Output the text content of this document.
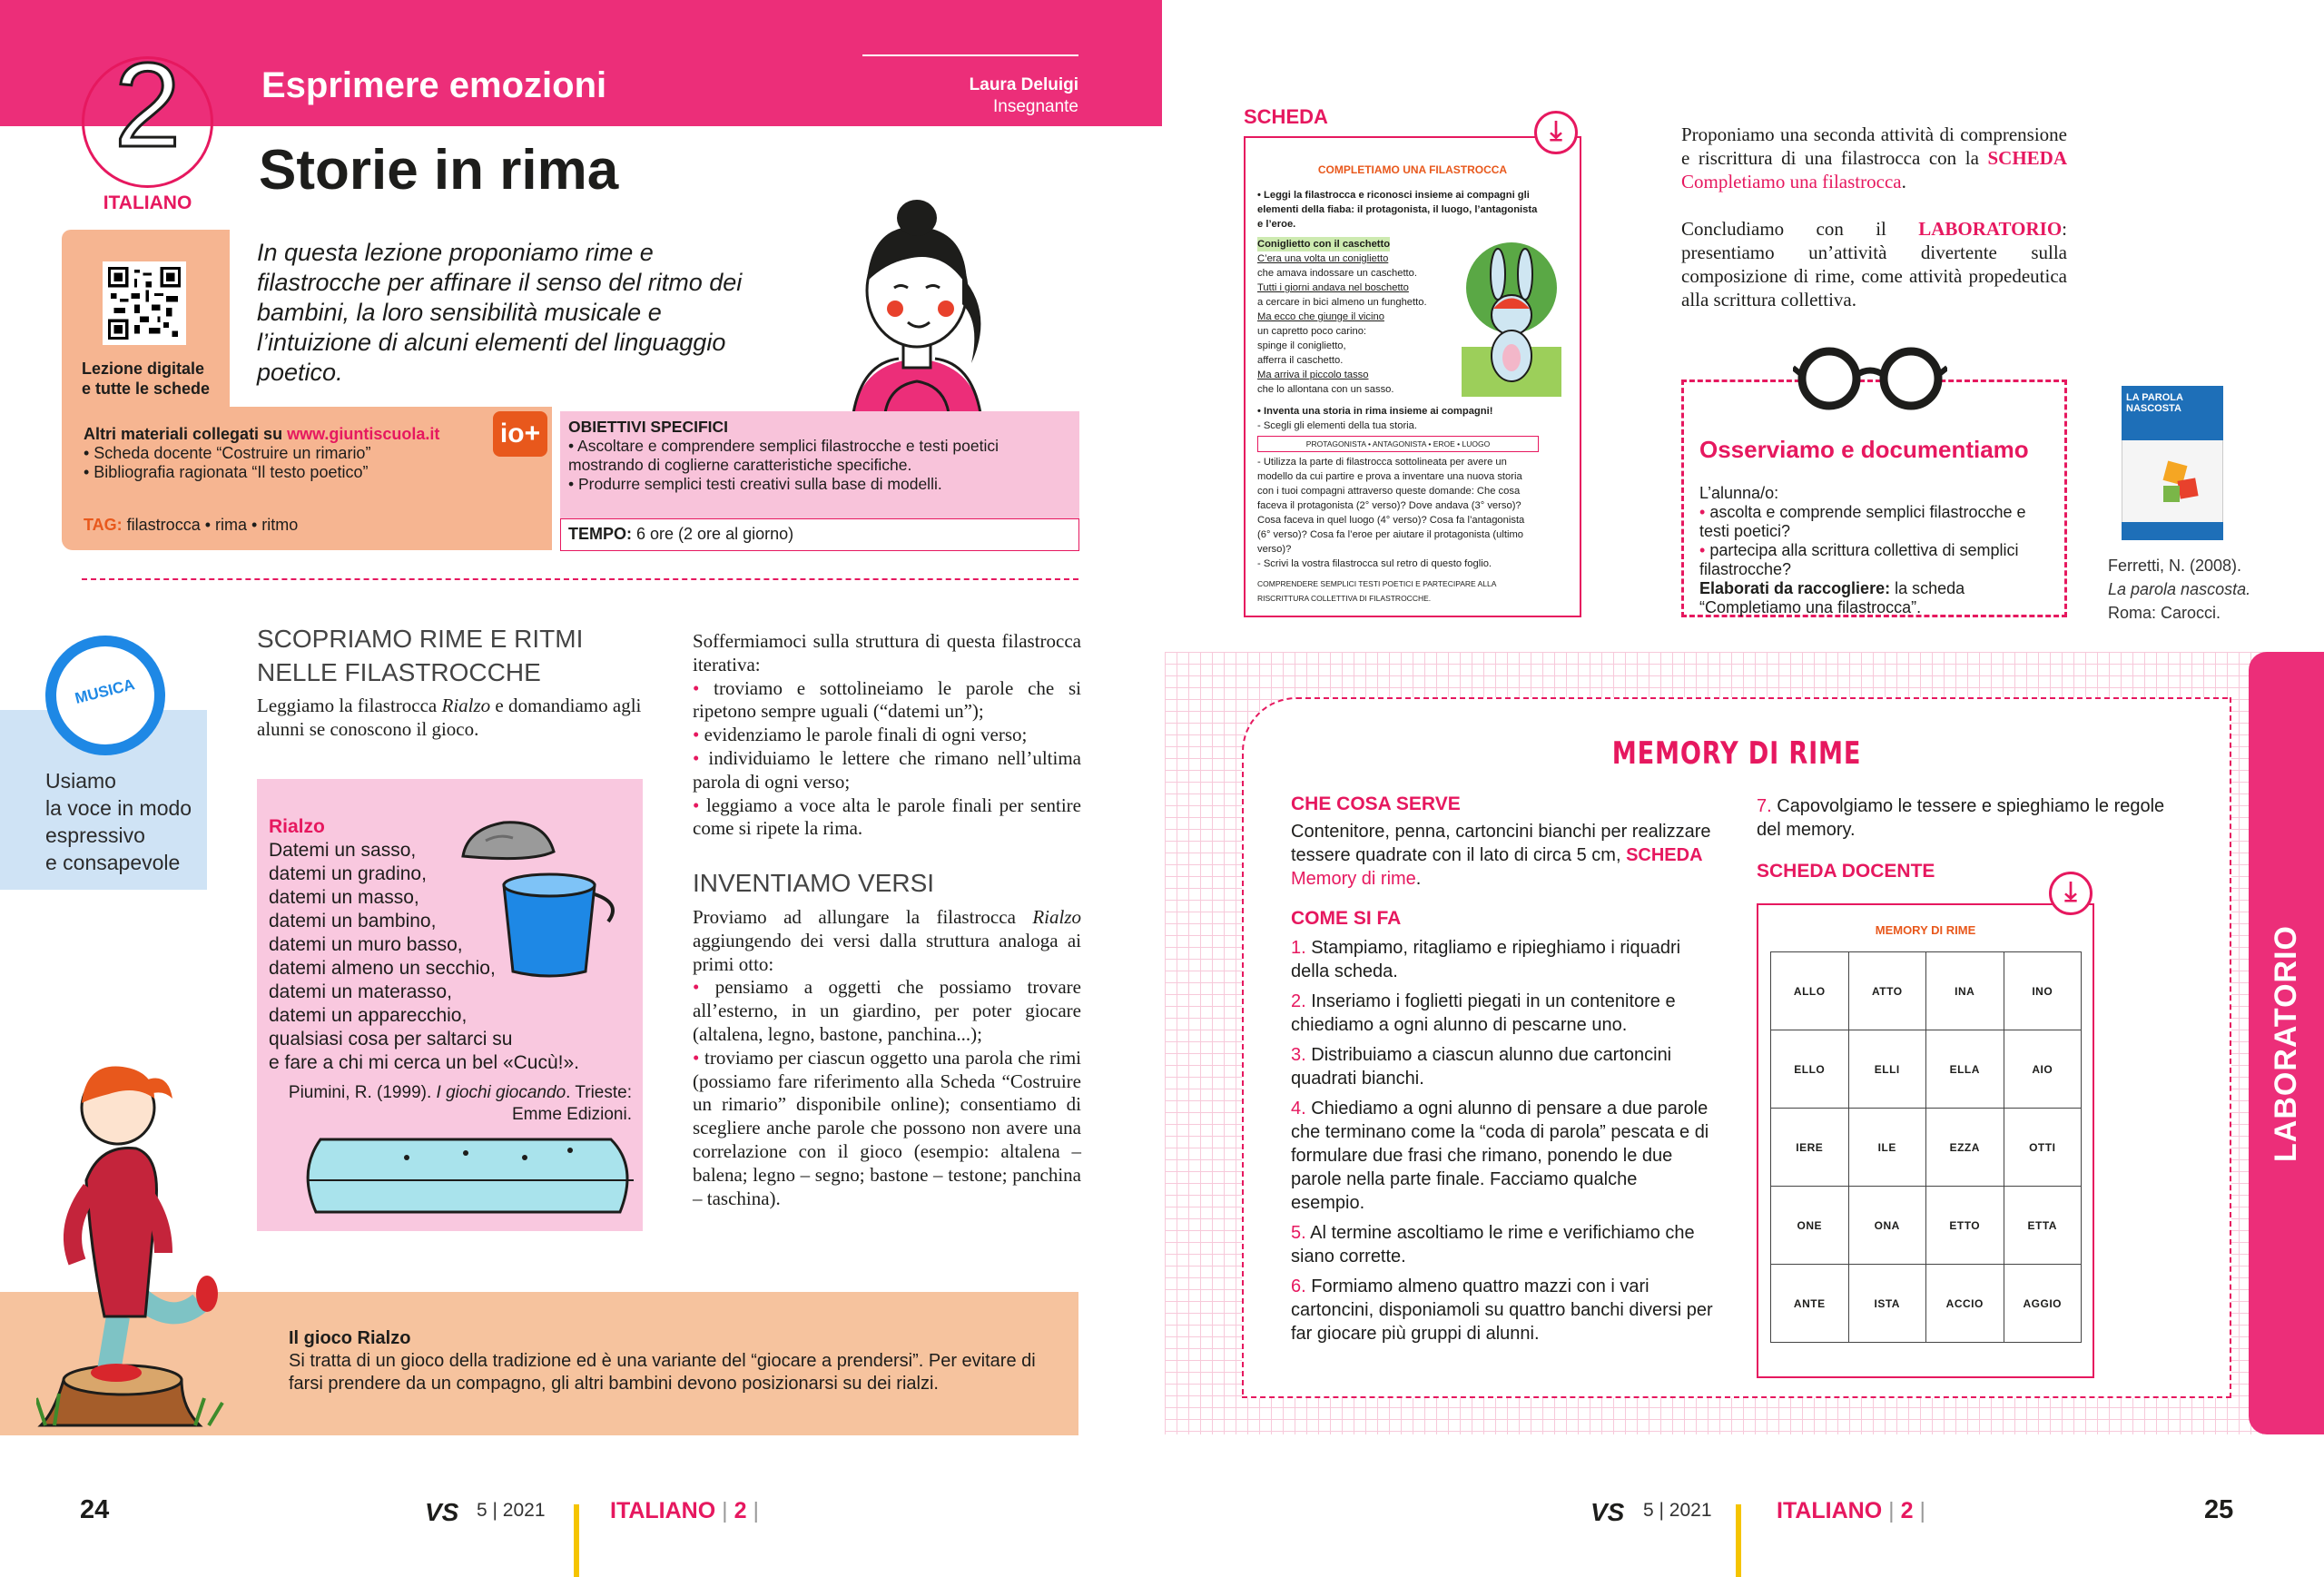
2
ITALIANO
Esprimere emozioni
Storie in rima
Laura Deluigi
Insegnante
Lezione digitale
e tutte le schede
In questa lezione proponiamo rime e filastrocche per affinare il senso del ritmo dei bambini, la loro sensibilità musicale e l’intuizione di alcuni elementi del linguaggio poetico.
Altri materiali collegati su www.giuntiscuola.it
• Scheda docente “Costruire un rimario”
• Bibliografia ragionata “Il testo poetico”
TAG: filastrocca • rima • ritmo
io+	OBIETTIVI SPECIFICI
• Ascoltare e comprendere semplici filastrocche e testi poetici mostrando di coglierne caratteristiche specifiche.
• Produrre semplici testi creativi sulla base di modelli.
TEMPO: 6 ore (2 ore al giorno)
MUSICA
Usiamo
la voce in modo
espressivo
e consapevole
SCOPRIAMO RIME E RITMI
NELLE FILASTROCCHE
Leggiamo la filastrocca Rialzo e domandiamo agli alunni se conoscono il gioco.
Rialzo
Datemi un sasso,
datemi un gradino,
datemi un masso,
datemi un bambino,
datemi un muro basso,
datemi almeno un secchio,
datemi un materasso,
datemi un apparecchio,
qualsiasi cosa per saltarci su
e fare a chi mi cerca un bel «Cucù!».
Piumini, R. (1999). I giochi giocando. Trieste:
Emme Edizioni.
Soffermiamoci sulla struttura di questa filastrocca iterativa:
• troviamo e sottolineiamo le parole che si ripetono sempre uguali (“datemi un”);
• evidenziamo le parole finali di ogni verso;
• individuiamo le lettere che rimano nell’ultima parola di ogni verso;
• leggiamo a voce alta le parole finali per sentire come si ripete la rima.
INVENTIAMO VERSI
Proviamo ad allungare la filastrocca Rialzo aggiungendo dei versi dalla struttura analoga ai primi otto:
• pensiamo a oggetti che possiamo trovare all’esterno, in un giardino, per poter giocare (altalena, legno, bastone, panchina...);
• troviamo per ciascun oggetto una parola che rimi (possiamo fare riferimento alla Scheda “Costruire un rimario” disponibile online); consentiamo di scegliere anche parole che possono non avere una correlazione con il gioco (esempio: altalena – balena; legno – segno; bastone – testone; panchina – taschina).
Il gioco Rialzo
Si tratta di un gioco della tradizione ed è una variante del “giocare a prendersi”. Per evitare di farsi prendere da un compagno, gli altri bambini devono posizionarsi su dei rialzi.
24	VS 5 | 2021	ITALIANO | 2 |
SCHEDA	⤓
COMPLETIAMO UNA FILASTROCCA
• Leggi la filastrocca e riconosci insieme ai compagni gli elementi della fiaba: il protagonista, il luogo, l’antagonista e l’eroe.
Coniglietto con il caschetto
C’era una volta un coniglietto
che amava indossare un caschetto.
Tutti i giorni andava nel boschetto
a cercare in bici almeno un funghetto.
Ma ecco che giunge il vicino
un capretto poco carino:
spinge il coniglietto,
afferra il caschetto.
Ma arriva il piccolo tasso
che lo allontana con un sasso.
• Inventa una storia in rima insieme ai compagni!
- Scegli gli elementi della tua storia.
PROTAGONISTA • ANTAGONISTA • EROE • LUOGO
- Utilizza la parte di filastrocca sottolineata per avere un modello da cui partire e prova a inventare una nuova storia con i tuoi compagni attraverso queste domande: Che cosa faceva il protagonista (2° verso)? Dove andava (3° verso)? Cosa faceva in quel luogo (4° verso)? Cosa fa l’antagonista (6° verso)? Cosa fa l’eroe per aiutare il protagonista (ultimo verso)?
- Scrivi la vostra filastrocca sul retro di questo foglio.
COMPRENDERE SEMPLICI TESTI POETICI E PARTECIPARE ALLA RISCRITTURA COLLETTIVA DI FILASTROCCHE.

Proponiamo una seconda attività di comprensione e riscrittura di una filastrocca con la SCHEDA Completiamo una filastrocca.

Concludiamo con il LABORATORIO: presentiamo un’attività divertente sulla composizione di rime, come attività propedeutica alla scrittura collettiva.

Osserviamo e documentiamo
L’alunna/o:
• ascolta e comprende semplici filastrocche e testi poetici?
• partecipa alla scrittura collettiva di semplici filastrocche?
Elaborati da raccogliere: la scheda “Completiamo una filastrocca”.
LA PAROLA NASCOSTA
Ferretti, N. (2008).
La parola nascosta.
Roma: Carocci.
LABORATORIO
MEMORY DI RIME
CHE COSA SERVE
Contenitore, penna, cartoncini bianchi per realizzare tessere quadrate con il lato di circa 5 cm, SCHEDA Memory di rime.
COME SI FA
1. Stampiamo, ritagliamo e ripieghiamo i riquadri della scheda.
2. Inseriamo i foglietti piegati in un contenitore e chiediamo a ogni alunno di pescarne uno.
3. Distribuiamo a ciascun alunno due cartoncini quadrati bianchi.
4. Chiediamo a ogni alunno di pensare a due parole che terminano come la “coda di parola” pescata e di formulare due frasi che rimano, ponendo le due parole nella parte finale. Facciamo qualche esempio.
5. Al termine ascoltiamo le rime e verifichiamo che siano corrette.
6. Formiamo almeno quattro mazzi con i vari cartoncini, disponiamoli su quattro banchi diversi per far giocare più gruppi di alunni.
7. Capovolgiamo le tessere e spieghiamo le regole del memory.
SCHEDA DOCENTE
⤓
MEMORY DI RIME
ALLO	ATTO	INA	INO
ELLO	ELLI	ELLA	AIO
IERE	ILE	EZZA	OTTI
ONE	ONA	ETTO	ETTA
ANTE	ISTA	ACCIO	AGGIO
VS 5 | 2021	ITALIANO | 2 |	25
